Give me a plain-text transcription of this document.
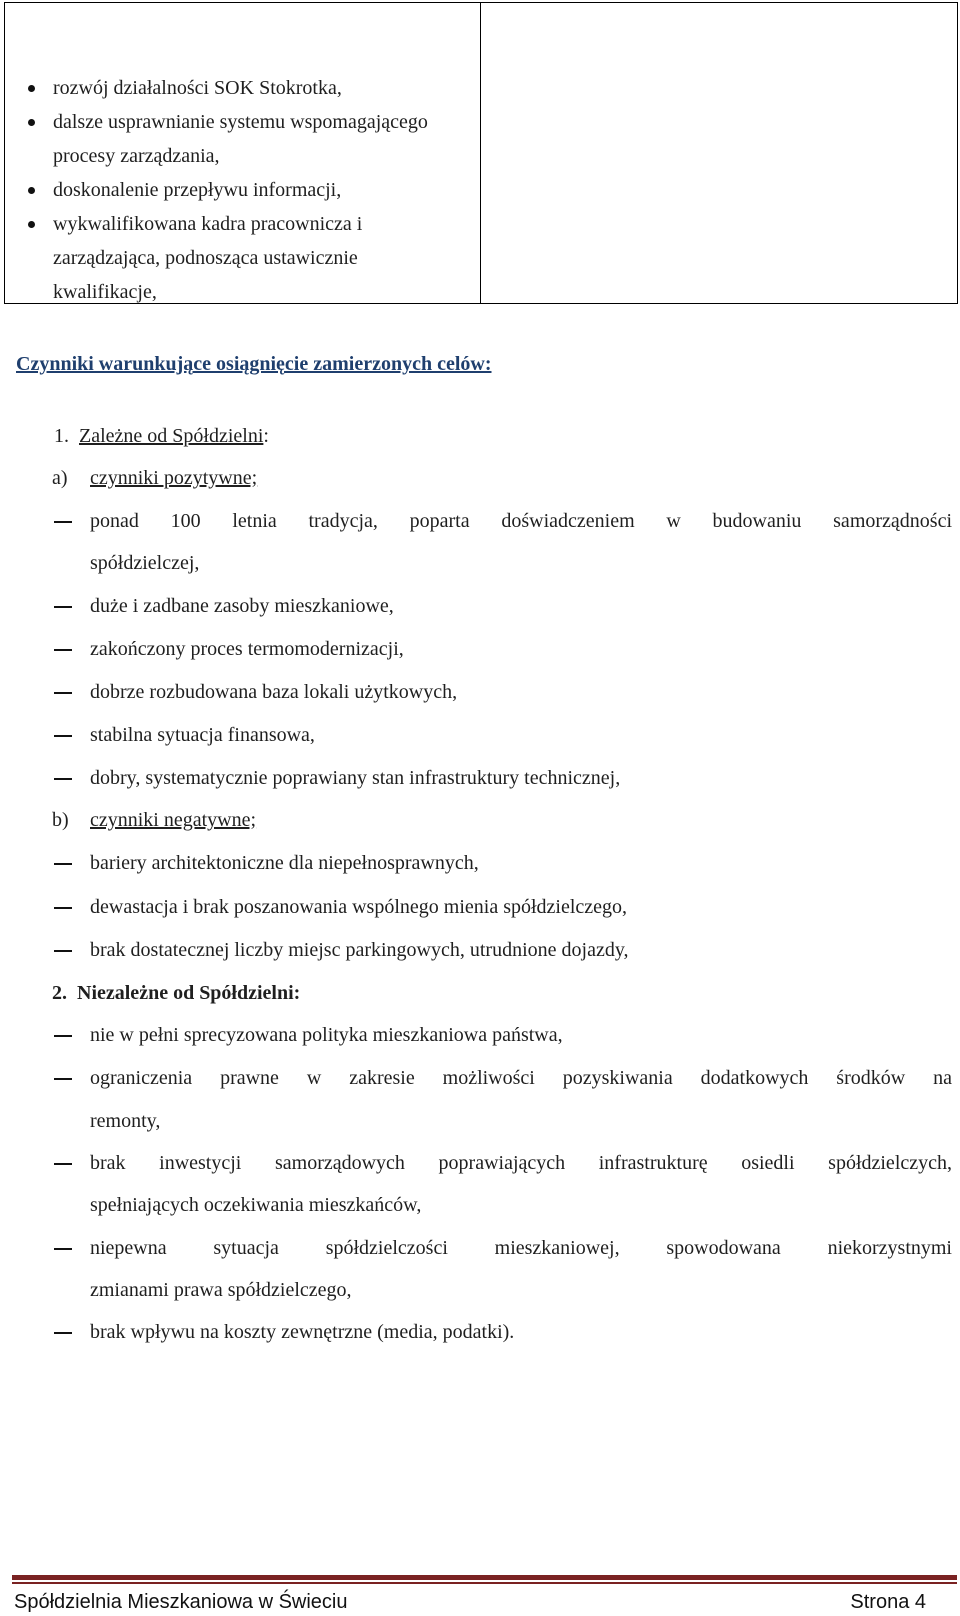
rozwój działalności SOK Stokrotka,
dalsze usprawnianie systemu wspomagającego procesy zarządzania,
doskonalenie przepływu informacji,
wykwalifikowana kadra pracownicza i zarządzająca, podnosząca ustawicznie kwalifikacje,
Czynniki warunkujące osiągnięcie zamierzonych celów:
1. Zależne od Spółdzielni:
a) czynniki pozytywne;
ponad 100 letnia tradycja, poparta doświadczeniem w budowaniu samorządności
spółdzielczej,
duże i zadbane zasoby mieszkaniowe,
zakończony proces termomodernizacji,
dobrze rozbudowana baza lokali użytkowych,
stabilna sytuacja finansowa,
dobry, systematycznie poprawiany stan infrastruktury technicznej,
b) czynniki negatywne;
bariery architektoniczne dla niepełnosprawnych,
dewastacja i brak poszanowania wspólnego mienia spółdzielczego,
brak dostatecznej liczby miejsc parkingowych, utrudnione dojazdy,
2. Niezależne od Spółdzielni:
nie w pełni sprecyzowana polityka mieszkaniowa państwa,
ograniczenia prawne w zakresie możliwości pozyskiwania dodatkowych środków na
remonty,
brak inwestycji samorządowych poprawiających infrastrukturę osiedli spółdzielczych,
spełniających oczekiwania mieszkańców,
niepewna sytuacja spółdzielczości mieszkaniowej, spowodowana niekorzystnymi
zmianami prawa spółdzielczego,
brak wpływu na koszty zewnętrzne (media, podatki).
Spółdzielnia Mieszkaniowa w Świeciu	Strona 4
